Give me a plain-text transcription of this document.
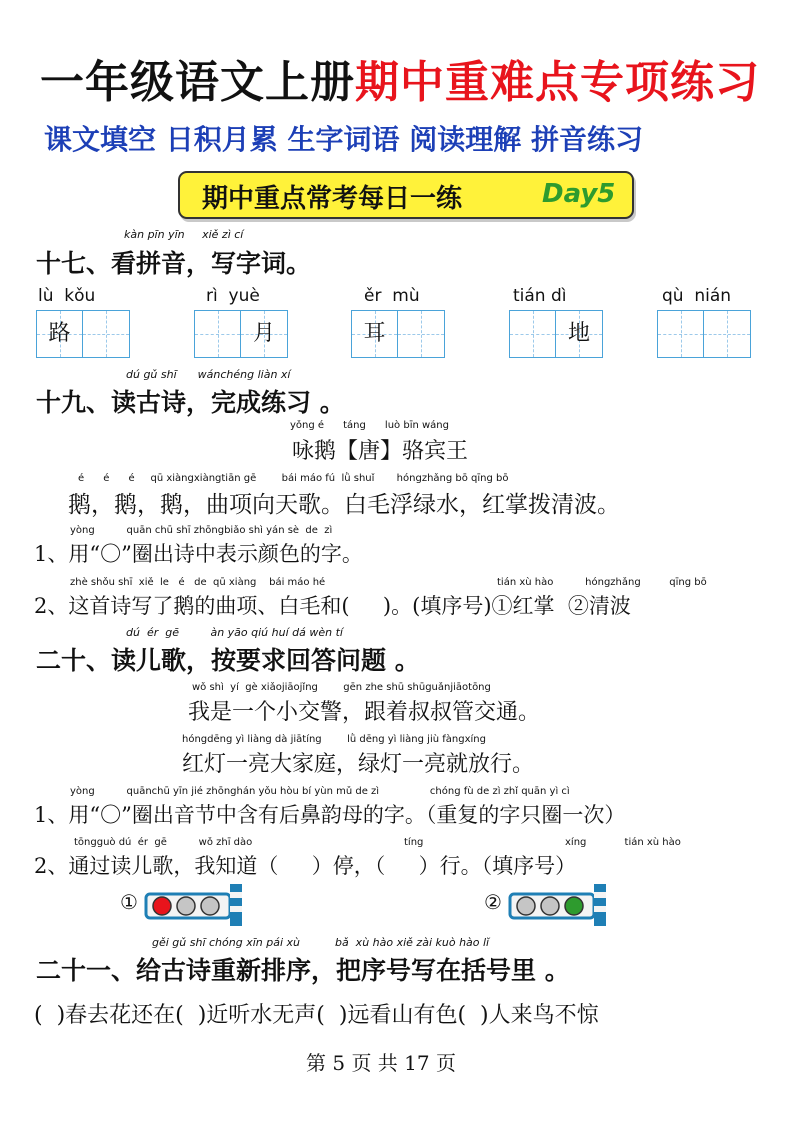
一年级语文上册期中重难点专项练习
课文填空 日积月累 生字词语 阅读理解 拼音练习
期中重点常考每日一练	Day5
kàn pīn yīn     xiě zì cí
十七、看拼音，写字词。
lù  kǒu	rì  yuè	ěr  mù	tián dì	qù  nián
路	月	耳	地
dú gǔ shī      wánchéng liàn xí
十九、读古诗，完成练习 。
yǒng é      táng      luò bīn wáng
咏鹅【唐】骆宾王
é      é      é     qū xiàngxiàngtiān gē        bái máo fú  lǜ shuǐ       hóngzhǎng bō qīng bō
鹅，鹅，鹅，曲项向天歌。白毛浮绿水，红掌拨清波。
yòng          quān chū shī zhōngbiǎo shì yán sè  de  zì
1、用“〇”圈出诗中表示颜色的字。
zhè shǒu shī  xiě  le   é   de  qū xiàng    bái máo hé	tián xù hào          hóngzhǎng         qīng bō
2、这首诗写了鹅的曲项、白毛和(     )。(填序号)①红掌  ②清波
dú  ér  gē         àn yāo qiú huí dá wèn tí
二十、读儿歌，按要求回答问题 。
wǒ shì  yí  gè xiǎojiāojǐng        gēn zhe shū shūguǎnjiāotōng
我是一个小交警，跟着叔叔管交通。
hóngdēng yì liàng dà jiātíng        lǜ dēng yì liàng jiù fàngxíng
红灯一亮大家庭，绿灯一亮就放行。
yòng          quānchū yīn jié zhōnghán yǒu hòu bí yùn mǔ de zì                chóng fù de zì zhǐ quān yì cì
1、用“〇”圈出音节中含有后鼻韵母的字。（重复的字只圈一次）
tōngguò dú  ér  gē          wǒ zhī dào	tíng	xíng            tián xù hào
2、通过读儿歌，我知道（     ）停，（     ）行。（填序号）
①	②
gěi gǔ shī chóng xīn pái xù          bǎ  xù hào xiě zài kuò hào lǐ
二十一、给古诗重新排序，把序号写在括号里 。
(  )春去花还在(  )近听水无声(  )远看山有色(  )人来鸟不惊
第 5 页 共 17 页
